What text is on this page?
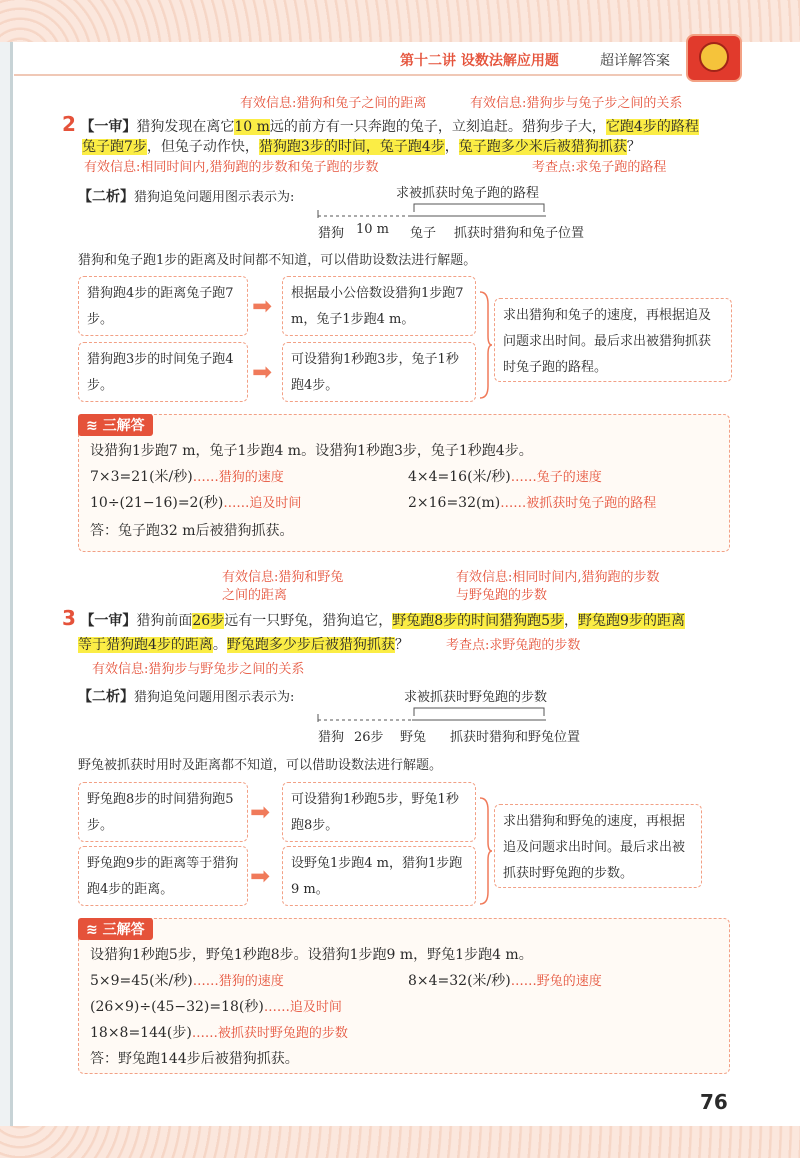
第十二讲 设数法解应用题	超详解答案
有效信息:猎狗和兔子之间的距离	有效信息:猎狗步与兔子步之间的关系
2 【一审】猎狗发现在离它10 m远的前方有一只奔跑的兔子，立刻追赶。猎狗步子大，它跑4步的路程
兔子跑7步，但兔子动作快，猎狗跑3步的时间，兔子跑4步，兔子跑多少米后被猎狗抓获？
有效信息:相同时间内,猎狗跑的步数和兔子跑的步数	考查点:求兔子跑的路程
【二析】猎狗追兔问题用图示表示为:	求被抓获时兔子跑的路程
猎狗 10 m 兔子 抓获时猎狗和兔子位置
猎狗和兔子跑1步的距离及时间都不知道，可以借助设数法进行解题。
猎狗跑4步的距离兔子跑7步。	➡	根据最小公倍数设猎狗1步跑7 m，兔子1步跑4 m。
猎狗跑3步的时间兔子跑4步。	➡	可设猎狗1秒跑3步，兔子1秒跑4步。
求出猎狗和兔子的速度，再根据追及问题求出时间。最后求出被猎狗抓获时兔子跑的路程。
≋ 三解答
设猎狗1步跑7 m，兔子1步跑4 m。设猎狗1秒跑3步，兔子1秒跑4步。
7×3=21(米/秒)……猎狗的速度	4×4=16(米/秒)……兔子的速度
10÷(21−16)=2(秒)……追及时间	2×16=32(m)……被抓获时兔子跑的路程
答：兔子跑32 m后被猎狗抓获。
有效信息:猎狗和野兔
之间的距离
有效信息:相同时间内,猎狗跑的步数
与野兔跑的步数
3 【一审】猎狗前面26步远有一只野兔，猎狗追它，野兔跑8步的时间猎狗跑5步，野兔跑9步的距离
等于猎狗跑4步的距离。野兔跑多少步后被猎狗抓获？	考查点:求野兔跑的步数
有效信息:猎狗步与野兔步之间的关系
【二析】猎狗追兔问题用图示表示为:	求被抓获时野兔跑的步数
猎狗 26步 野兔 抓获时猎狗和野兔位置
野兔被抓获时用时及距离都不知道，可以借助设数法进行解题。
野兔跑8步的时间猎狗跑5步。	➡	可设猎狗1秒跑5步，野兔1秒跑8步。
野兔跑9步的距离等于猎狗跑4步的距离。	➡	设野兔1步跑4 m，猎狗1步跑9 m。
求出猎狗和野兔的速度，再根据追及问题求出时间。最后求出被抓获时野兔跑的步数。
≋ 三解答
设猎狗1秒跑5步，野兔1秒跑8步。设猎狗1步跑9 m，野兔1步跑4 m。
5×9=45(米/秒)……猎狗的速度	8×4=32(米/秒)……野兔的速度
(26×9)÷(45−32)=18(秒)……追及时间
18×8=144(步)……被抓获时野兔跑的步数
答：野兔跑144步后被猎狗抓获。
76
